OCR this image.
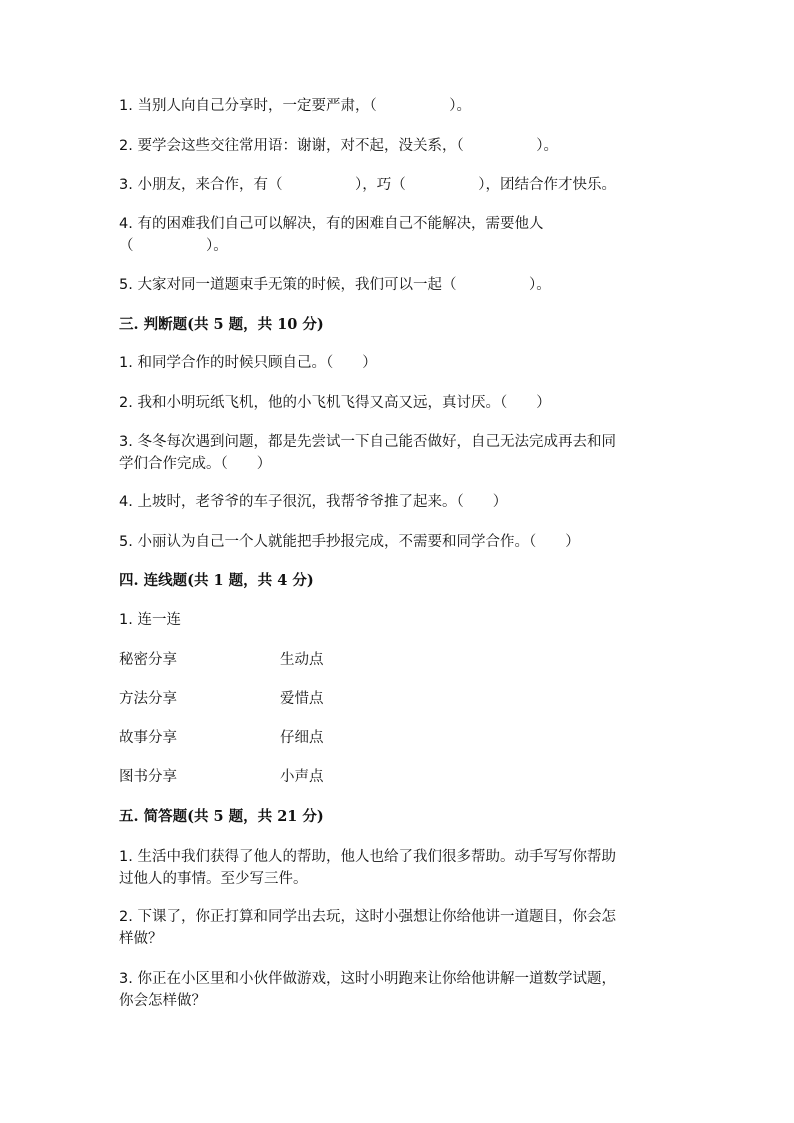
1. 当别人向自己分享时，一定要严肃，（　　　　　）。
2. 要学会这些交往常用语：谢谢，对不起，没关系，（　　　　　）。
3. 小朋友，来合作，有（　　　　　），巧（　　　　　），团结合作才快乐。
4. 有的困难我们自己可以解决，有的困难自己不能解决，需要他人
（　　　　　）。
5. 大家对同一道题束手无策的时候，我们可以一起（　　　　　）。
三. 判断题(共 5 题，共 10 分)
1. 和同学合作的时候只顾自己。（　　）
2. 我和小明玩纸飞机，他的小飞机飞得又高又远，真讨厌。（　　）
3. 冬冬每次遇到问题，都是先尝试一下自己能否做好，自己无法完成再去和同
学们合作完成。（　　）
4. 上坡时，老爷爷的车子很沉，我帮爷爷推了起来。（　　）
5. 小丽认为自己一个人就能把手抄报完成，不需要和同学合作。（　　）
四. 连线题(共 1 题，共 4 分)
1. 连一连
秘密分享	生动点
方法分享	爱惜点
故事分享	仔细点
图书分享	小声点
五. 简答题(共 5 题，共 21 分)
1. 生活中我们获得了他人的帮助，他人也给了我们很多帮助。动手写写你帮助
过他人的事情。至少写三件。
2. 下课了，你正打算和同学出去玩，这时小强想让你给他讲一道题目，你会怎
样做？
3. 你正在小区里和小伙伴做游戏，这时小明跑来让你给他讲解一道数学试题，
你会怎样做？
